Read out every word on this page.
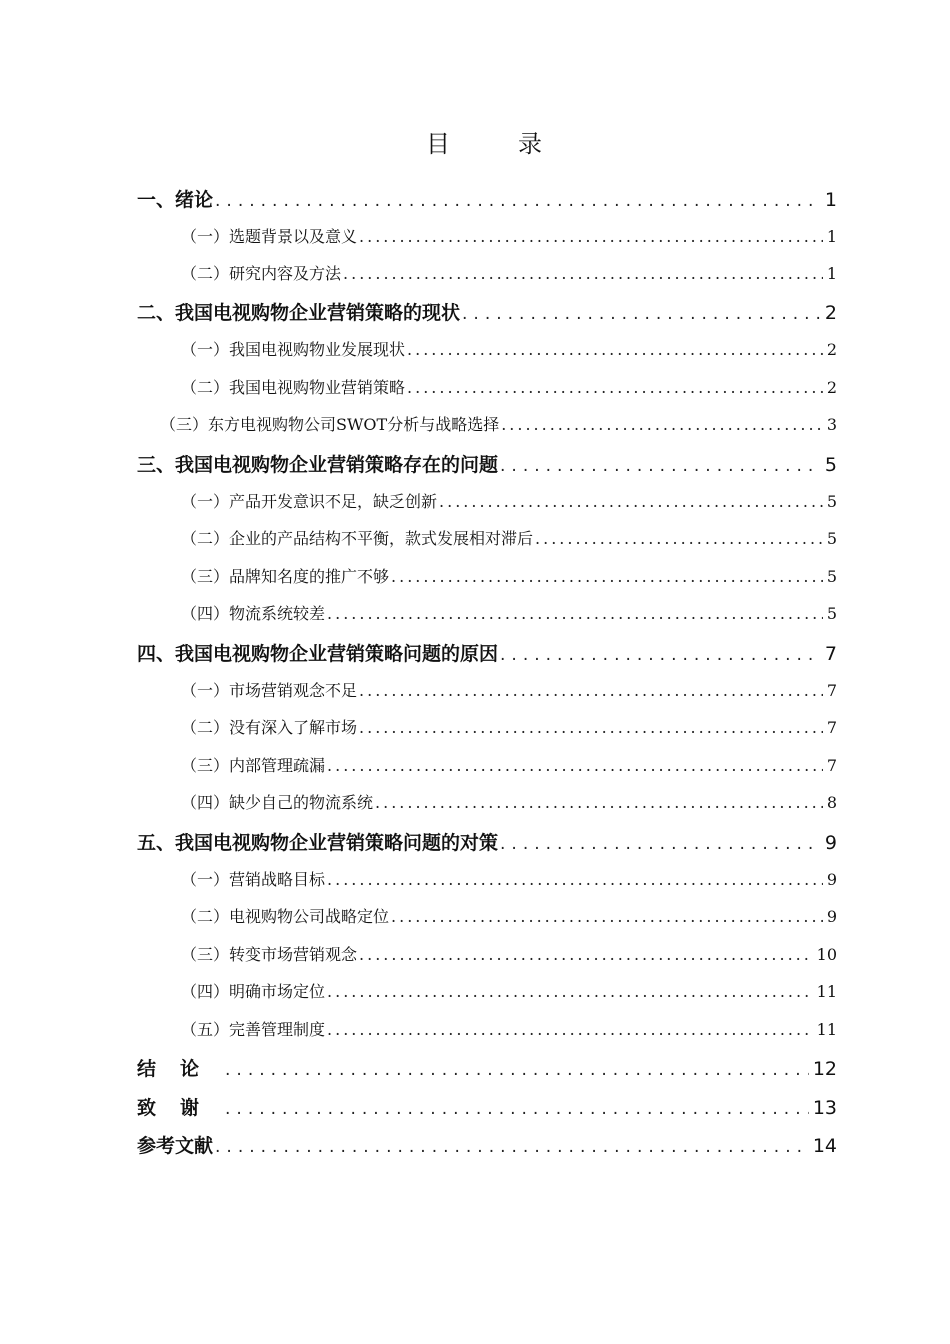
目　录
一、 绪论 .....	1
（一）选题背景以及意义 .....	1
（二）研究内容及方法 .....	1
二、 我国电视购物企业营销策略的现状 .....	2
（一）我国电视购物业发展现状 .....	2
（二）我国电视购物业营销策略 .....	2
（三）东方电视购物公司SWOT分析与战略选择 .....	3
三、 我国电视购物企业营销策略存在的问题 .....	5
（一）产品开发意识不足，缺乏创新 .....	5
（二）企业的产品结构不平衡，款式发展相对滞后 .....	5
（三）品牌知名度的推广不够 .....	5
（四）物流系统较差 .....	5
四、 我国电视购物企业营销策略问题的原因 .....	7
（一）市场营销观念不足 .....	7
（二）没有深入了解市场 .....	7
（三）内部管理疏漏 .....	7
（四）缺少自己的物流系统 .....	8
五、 我国电视购物企业营销策略问题的对策 .....	9
（一）营销战略目标 .....	9
（二）电视购物公司战略定位 .....	9
（三）转变市场营销观念 .....	10
（四）明确市场定位 .....	11
（五）完善管理制度 .....	11
结论 .....	12
致谢 .....	13
参考文献 .....	14
